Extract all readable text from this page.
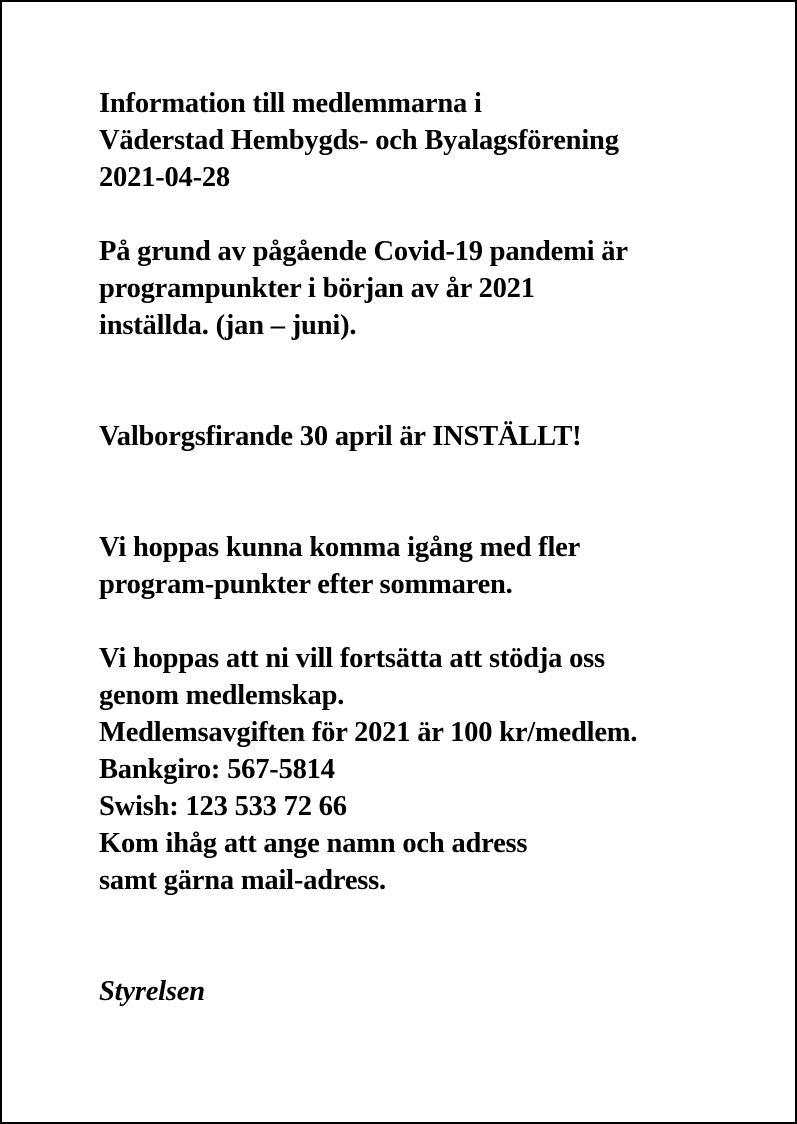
Information till medlemmarna i
Väderstad Hembygds- och Byalagsförening
2021-04-28
På grund av pågående Covid-19 pandemi är
programpunkter i början av år 2021
inställda. (jan – juni).
Valborgsfirande 30 april är INSTÄLLT!
Vi hoppas kunna komma igång med fler
program-punkter efter sommaren.
Vi hoppas att ni vill fortsätta att stödja oss
genom medlemskap.
Medlemsavgiften för 2021 är 100 kr/medlem.
Bankgiro: 567-5814
Swish: 123 533 72 66
Kom ihåg att ange namn och adress
samt gärna mail-adress.
Styrelsen
